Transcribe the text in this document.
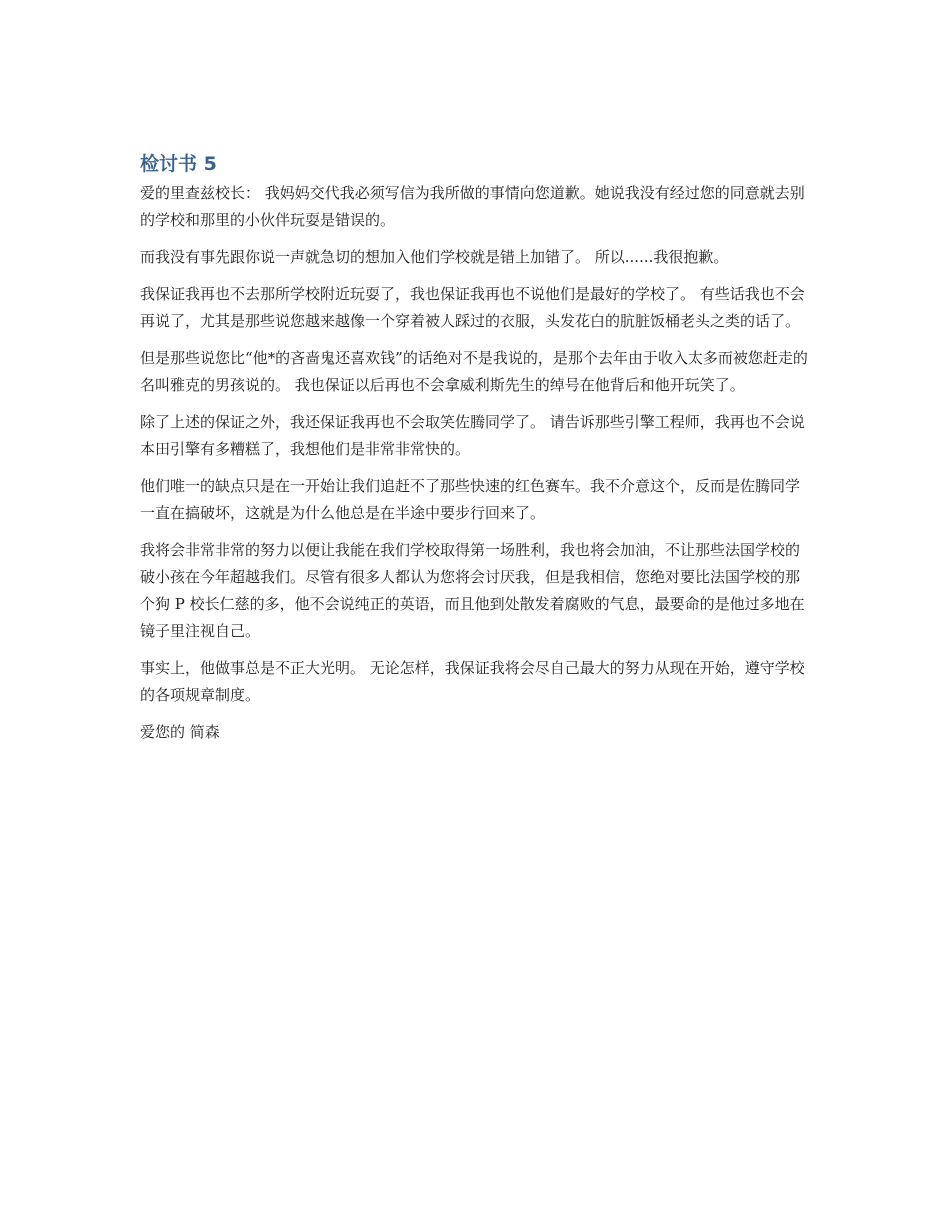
检讨书 5

爱的里查兹校长： 我妈妈交代我必须写信为我所做的事情向您道歉。她说我没有经过您的同意就去别的学校和那里的小伙伴玩耍是错误的。

而我没有事先跟你说一声就急切的想加入他们学校就是错上加错了。 所以......我很抱歉。

我保证我再也不去那所学校附近玩耍了，我也保证我再也不说他们是最好的学校了。 有些话我也不会再说了，尤其是那些说您越来越像一个穿着被人踩过的衣服，头发花白的肮脏饭桶老头之类的话了。

但是那些说您比“他*的吝啬鬼还喜欢钱”的话绝对不是我说的，是那个去年由于收入太多而被您赶走的名叫雅克的男孩说的。 我也保证以后再也不会拿威利斯先生的绰号在他背后和他开玩笑了。

除了上述的保证之外，我还保证我再也不会取笑佐腾同学了。 请告诉那些引擎工程师，我再也不会说本田引擎有多糟糕了，我想他们是非常非常快的。

他们唯一的缺点只是在一开始让我们追赶不了那些快速的红色赛车。我不介意这个，反而是佐腾同学一直在搞破坏，这就是为什么他总是在半途中要步行回来了。

我将会非常非常的努力以便让我能在我们学校取得第一场胜利，我也将会加油，不让那些法国学校的破小孩在今年超越我们。尽管有很多人都认为您将会讨厌我，但是我相信，您绝对要比法国学校的那个狗 P 校长仁慈的多，他不会说纯正的英语，而且他到处散发着腐败的气息，最要命的是他过多地在镜子里注视自己。

事实上，他做事总是不正大光明。 无论怎样，我保证我将会尽自己最大的努力从现在开始，遵守学校的各项规章制度。

爱您的 简森
